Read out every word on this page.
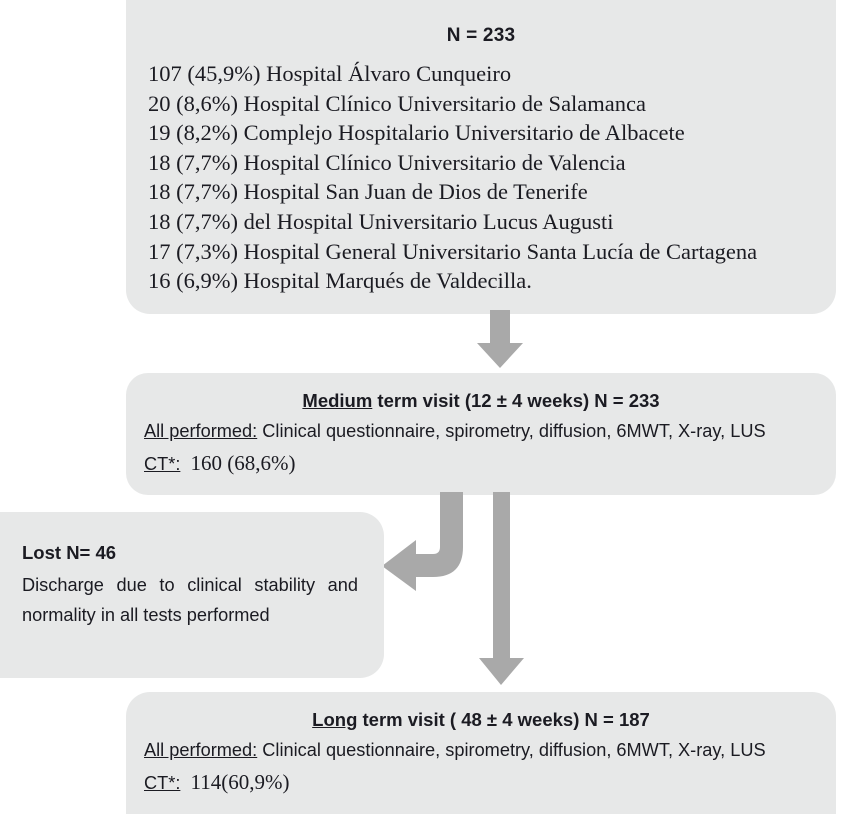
N = 233
107 (45,9%) Hospital Álvaro Cunqueiro
20 (8,6%) Hospital Clínico Universitario de Salamanca
19 (8,2%) Complejo Hospitalario Universitario de Albacete
18 (7,7%) Hospital Clínico Universitario de Valencia
18 (7,7%) Hospital San Juan de Dios de Tenerife
18 (7,7%) del Hospital Universitario Lucus Augusti
17 (7,3%) Hospital General Universitario Santa Lucía de Cartagena
16 (6,9%) Hospital Marqués de Valdecilla.
Medium term visit (12 ± 4 weeks) N = 233
All performed: Clinical questionnaire, spirometry, diffusion, 6MWT, X-ray, LUS
CT*: 160 (68,6%)
Lost N= 46
Discharge due to clinical stability and normality in all tests performed
Long term visit ( 48 ± 4 weeks) N = 187
All performed: Clinical questionnaire, spirometry, diffusion, 6MWT, X-ray, LUS
CT*: 114(60,9%)
